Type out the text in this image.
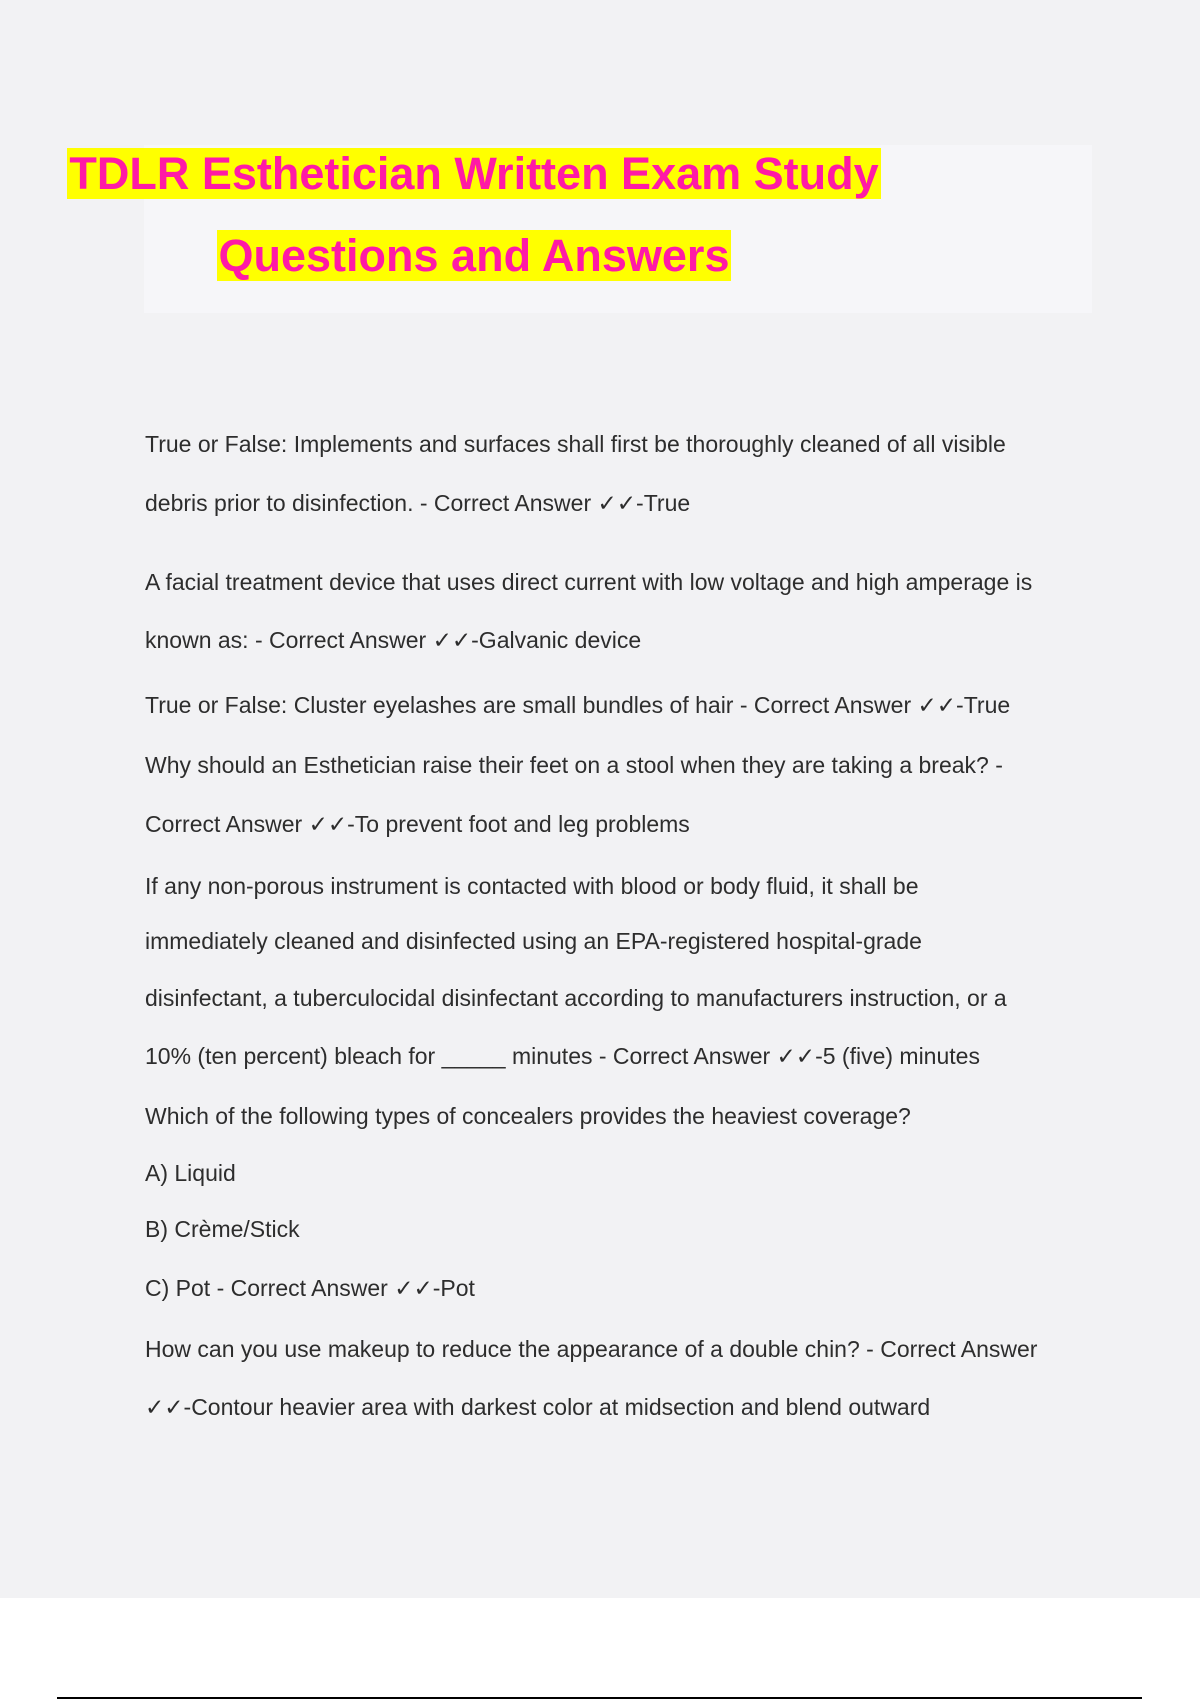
TDLR Esthetician Written Exam Study
Questions and Answers
True or False: Implements and surfaces shall first be thoroughly cleaned of all visible
debris prior to disinfection. - Correct Answer ✓✓-True
A facial treatment device that uses direct current with low voltage and high amperage is
known as: - Correct Answer ✓✓-Galvanic device
True or False: Cluster eyelashes are small bundles of hair - Correct Answer ✓✓-True
Why should an Esthetician raise their feet on a stool when they are taking a break? -
Correct Answer ✓✓-To prevent foot and leg problems
If any non-porous instrument is contacted with blood or body fluid, it shall be
immediately cleaned and disinfected using an EPA-registered hospital-grade
disinfectant, a tuberculocidal disinfectant according to manufacturers instruction, or a
10% (ten percent) bleach for _____ minutes - Correct Answer ✓✓-5 (five) minutes
Which of the following types of concealers provides the heaviest coverage?
A) Liquid
B) Crème/Stick
C) Pot - Correct Answer ✓✓-Pot
How can you use makeup to reduce the appearance of a double chin? - Correct Answer
✓✓-Contour heavier area with darkest color at midsection and blend outward
